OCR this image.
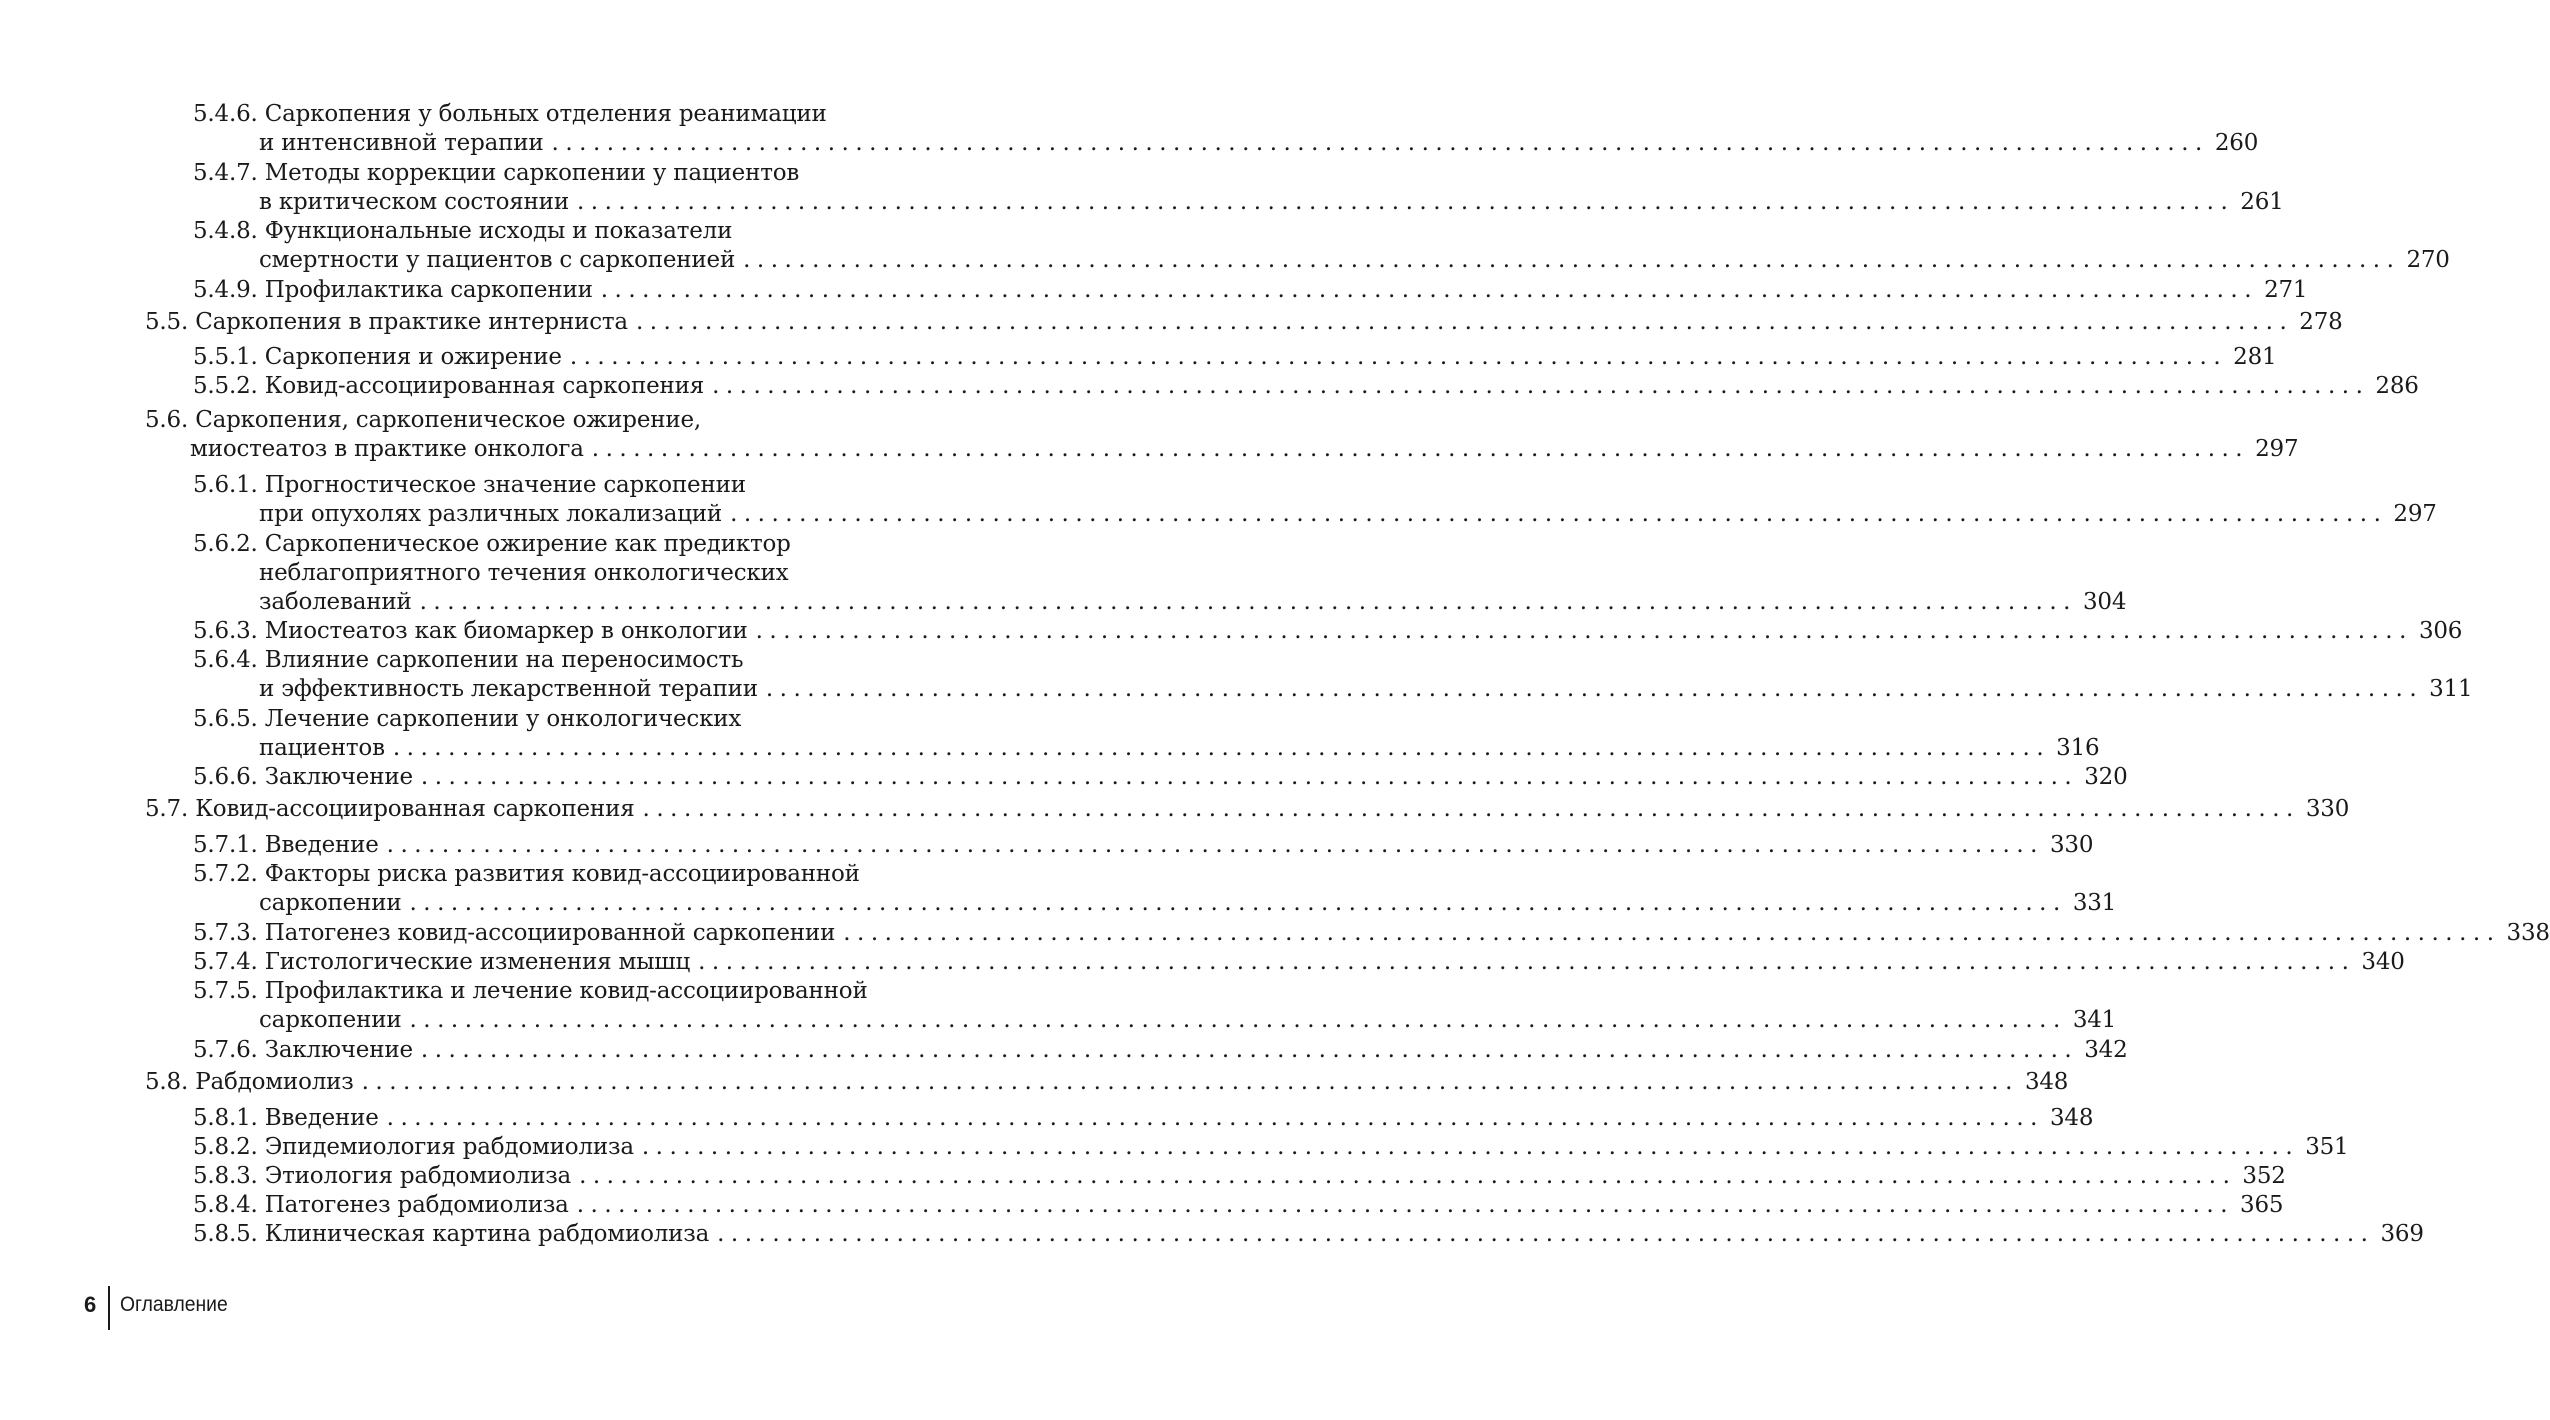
5.4.6. Саркопения у больных отделения реанимации
и интенсивной терапии ........................................................................................................................ 260
5.4.7. Методы коррекции саркопении у пациентов
в критическом состоянии ........................................................................................................................ 261
5.4.8. Функциональные исходы и показатели
смертности у пациентов с саркопенией ........................................................................................................................ 270
5.4.9. Профилактика саркопении ........................................................................................................................ 271
5.5. Саркопения в практике интерниста ........................................................................................................................ 278
5.5.1. Саркопения и ожирение ........................................................................................................................ 281
5.5.2. Ковид-ассоциированная саркопения ........................................................................................................................ 286
5.6. Саркопения, саркопеническое ожирение,
миостеатоз в практике онколога ........................................................................................................................ 297
5.6.1. Прогностическое значение саркопении
при опухолях различных локализаций ........................................................................................................................ 297
5.6.2. Саркопеническое ожирение как предиктор
неблагоприятного течения онкологических
заболеваний ........................................................................................................................ 304
5.6.3. Миостеатоз как биомаркер в онкологии ........................................................................................................................ 306
5.6.4. Влияние саркопении на переносимость
и эффективность лекарственной терапии ........................................................................................................................ 311
5.6.5. Лечение саркопении у онкологических
пациентов ........................................................................................................................ 316
5.6.6. Заключение ........................................................................................................................ 320
5.7. Ковид-ассоциированная саркопения ........................................................................................................................ 330
5.7.1. Введение ........................................................................................................................ 330
5.7.2. Факторы риска развития ковид-ассоциированной
саркопении ........................................................................................................................ 331
5.7.3. Патогенез ковид-ассоциированной саркопении ........................................................................................................................ 338
5.7.4. Гистологические изменения мышц ........................................................................................................................ 340
5.7.5. Профилактика и лечение ковид-ассоциированной
саркопении ........................................................................................................................ 341
5.7.6. Заключение ........................................................................................................................ 342
5.8. Рабдомиолиз ........................................................................................................................ 348
5.8.1. Введение ........................................................................................................................ 348
5.8.2. Эпидемиология рабдомиолиза ........................................................................................................................ 351
5.8.3. Этиология рабдомиолиза ........................................................................................................................ 352
5.8.4. Патогенез рабдомиолиза ........................................................................................................................ 365
5.8.5. Клиническая картина рабдомиолиза ........................................................................................................................ 369
6 Оглавление
